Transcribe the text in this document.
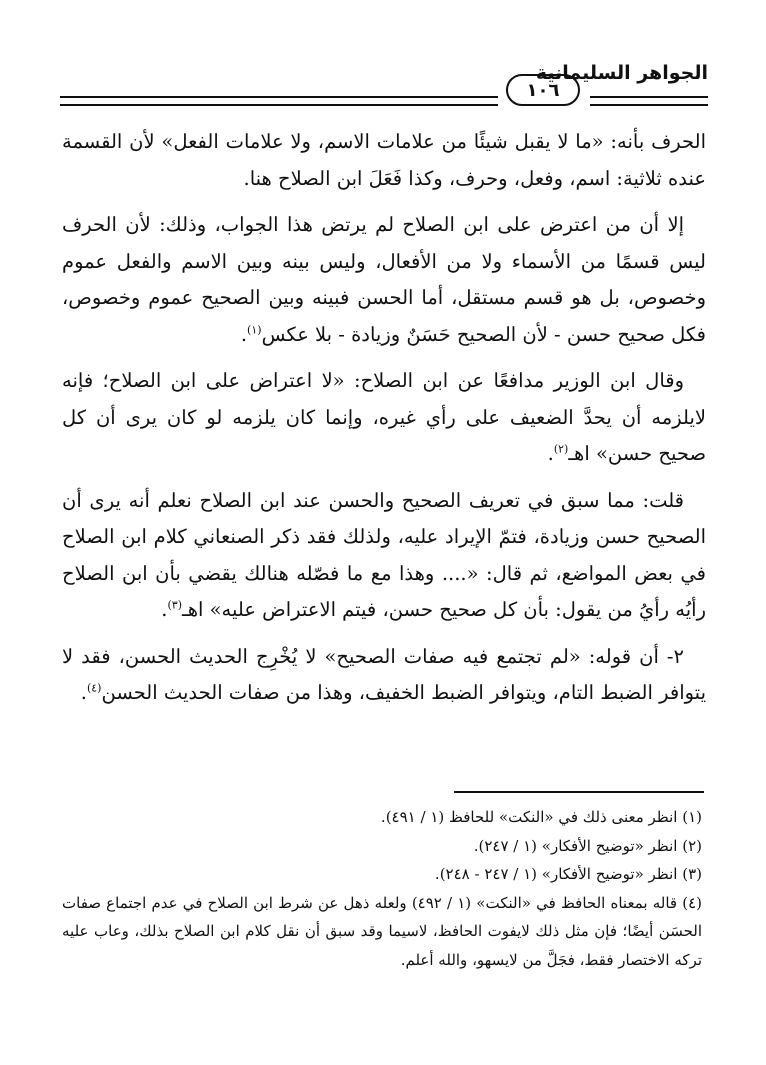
الجواهر السليمانية
١٠٦

الحرف بأنه: «ما لا يقبل شيئًا من علامات الاسم، ولا علامات الفعل» لأن القسمة عنده ثلاثية: اسم، وفعل، وحرف، وكذا فَعَلَ ابن الصلاح هنا.

إلا أن من اعترض على ابن الصلاح لم يرتض هذا الجواب، وذلك: لأن الحرف ليس قسمًا من الأسماء ولا من الأفعال، وليس بينه وبين الاسم والفعل عموم وخصوص، بل هو قسم مستقل، أما الحسن فبينه وبين الصحيح عموم وخصوص، فكل صحيح حسن - لأن الصحيح حَسَنٌ وزيادة - بلا عكس$^{(١)}$.

وقال ابن الوزير مدافعًا عن ابن الصلاح: «لا اعتراض على ابن الصلاح؛ فإنه لايلزمه أن يحدَّ الضعيف على رأي غيره، وإنما كان يلزمه لو كان يرى أن كل صحيح حسن» اهـ$^{(٢)}$.

قلت: مما سبق في تعريف الصحيح والحسن عند ابن الصلاح نعلم أنه يرى أن الصحيح حسن وزيادة، فتمّ الإيراد عليه، ولذلك فقد ذكر الصنعاني كلام ابن الصلاح في بعض المواضع، ثم قال: «.... وهذا مع ما فصّله هنالك يقضي بأن ابن الصلاح رأيُه رأيُ من يقول: بأن كل صحيح حسن، فيتم الاعتراض عليه» اهـ$^{(٣)}$.

٢- أن قوله: «لم تجتمع فيه صفات الصحيح» لا يُخْرِج الحديث الحسن، فقد لا يتوافر الضبط التام، ويتوافر الضبط الخفيف، وهذا من صفات الحديث الحسن$^{(٤)}$.

(١) انظر معنى ذلك في «النكت» للحافظ (١ / ٤٩١).

(٢) انظر «توضيح الأفكار» (١ / ٢٤٧).

(٣) انظر «توضيح الأفكار» (١ / ٢٤٧ - ٢٤٨).

(٤) قاله بمعناه الحافظ في «النكت» (١ / ٤٩٢) ولعله ذهل عن شرط ابن الصلاح في عدم اجتماع صفات الحسَن أيضًا؛ فإن مثل ذلك لايفوت الحافظ، لاسيما وقد سبق أن نقل كلام ابن الصلاح بذلك، وعاب عليه تركه الاختصار فقط، فجَلَّ من لايسهو، والله أعلم.
